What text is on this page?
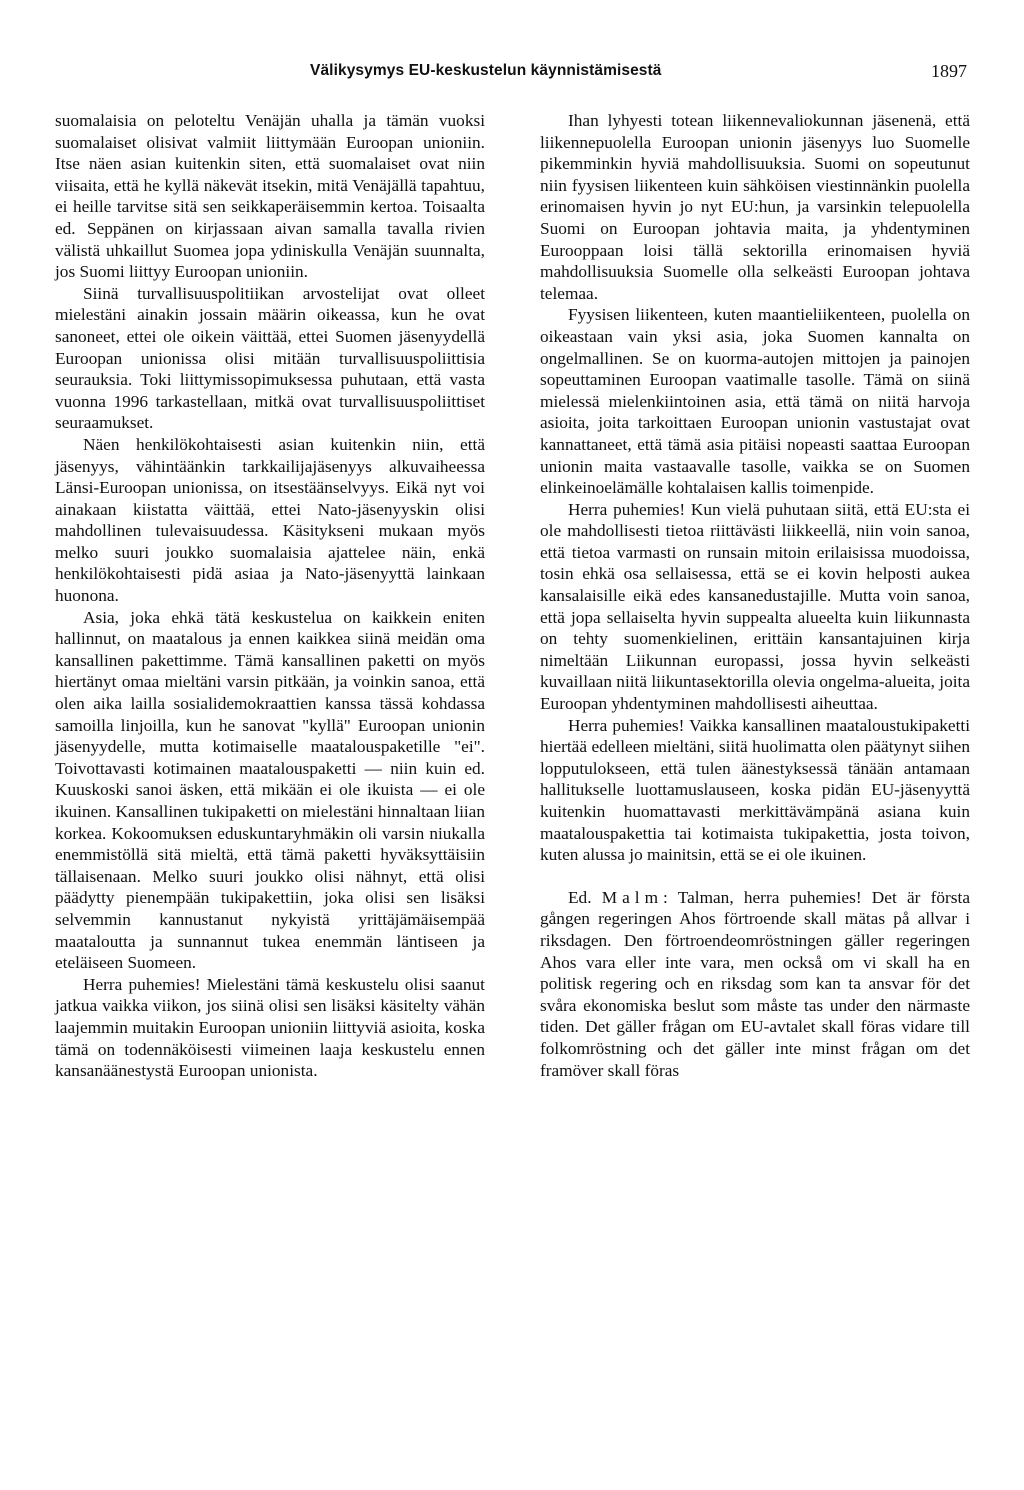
Välikysymys EU-keskustelun käynnistämisestä	1897

suomalaisia on peloteltu Venäjän uhalla ja tämän vuoksi suomalaiset olisivat valmiit liittymään Euroopan unioniin. Itse näen asian kuitenkin siten, että suomalaiset ovat niin viisaita, että he kyllä näkevät itsekin, mitä Venäjällä tapahtuu, ei heille tarvitse sitä sen seikkaperäisemmin kertoa. Toisaalta ed. Seppänen on kirjassaan aivan samalla tavalla rivien välistä uhkaillut Suomea jopa ydiniskulla Venäjän suunnalta, jos Suomi liittyy Euroopan unioniin.

Siinä turvallisuuspolitiikan arvostelijat ovat olleet mielestäni ainakin jossain määrin oikeassa, kun he ovat sanoneet, ettei ole oikein väittää, ettei Suomen jäsenyydellä Euroopan unionissa olisi mitään turvallisuuspoliittisia seurauksia. Toki liittymissopimuksessa puhutaan, että vasta vuonna 1996 tarkastellaan, mitkä ovat turvallisuuspoliittiset seuraamukset.

Näen henkilökohtaisesti asian kuitenkin niin, että jäsenyys, vähintäänkin tarkkailijajäsenyys alkuvaiheessa Länsi-Euroopan unionissa, on itsestäänselvyys. Eikä nyt voi ainakaan kiistatta väittää, ettei Nato-jäsenyyskin olisi mahdollinen tulevaisuudessa. Käsitykseni mukaan myös melko suuri joukko suomalaisia ajattelee näin, enkä henkilökohtaisesti pidä asiaa ja Nato-jäsenyyttä lainkaan huonona.

Asia, joka ehkä tätä keskustelua on kaikkein eniten hallinnut, on maatalous ja ennen kaikkea siinä meidän oma kansallinen pakettimme. Tämä kansallinen paketti on myös hiertänyt omaa mieltäni varsin pitkään, ja voinkin sanoa, että olen aika lailla sosialidemokraattien kanssa tässä kohdassa samoilla linjoilla, kun he sanovat "kyllä" Euroopan unionin jäsenyydelle, mutta kotimaiselle maatalouspaketille "ei". Toivottavasti kotimainen maatalouspaketti — niin kuin ed. Kuuskoski sanoi äsken, että mikään ei ole ikuista — ei ole ikuinen. Kansallinen tukipaketti on mielestäni hinnaltaan liian korkea. Kokoomuksen eduskuntaryhmäkin oli varsin niukalla enemmistöllä sitä mieltä, että tämä paketti hyväksyttäisiin tällaisenaan. Melko suuri joukko olisi nähnyt, että olisi päädytty pienempään tukipakettiin, joka olisi sen lisäksi selvemmin kannustanut nykyistä yrittäjämäisempää maataloutta ja sunnannut tukea enemmän läntiseen ja eteläiseen Suomeen.

Herra puhemies! Mielestäni tämä keskustelu olisi saanut jatkua vaikka viikon, jos siinä olisi sen lisäksi käsitelty vähän laajemmin muitakin Euroopan unioniin liittyviä asioita, koska tämä on todennäköisesti viimeinen laaja keskustelu ennen kansanäänestystä Euroopan unionista.

Ihan lyhyesti totean liikennevaliokunnan jäsenenä, että liikennepuolella Euroopan unionin jäsenyys luo Suomelle pikemminkin hyviä mahdollisuuksia. Suomi on sopeutunut niin fyysisen liikenteen kuin sähköisen viestinnänkin puolella erinomaisen hyvin jo nyt EU:hun, ja varsinkin telepuolella Suomi on Euroopan johtavia maita, ja yhdentyminen Eurooppaan loisi tällä sektorilla erinomaisen hyviä mahdollisuuksia Suomelle olla selkeästi Euroopan johtava telemaa.

Fyysisen liikenteen, kuten maantieliikenteen, puolella on oikeastaan vain yksi asia, joka Suomen kannalta on ongelmallinen. Se on kuorma-autojen mittojen ja painojen sopeuttaminen Euroopan vaatimalle tasolle. Tämä on siinä mielessä mielenkiintoinen asia, että tämä on niitä harvoja asioita, joita tarkoittaen Euroopan unionin vastustajat ovat kannattaneet, että tämä asia pitäisi nopeasti saattaa Euroopan unionin maita vastaavalle tasolle, vaikka se on Suomen elinkeinoelämälle kohtalaisen kallis toimenpide.

Herra puhemies! Kun vielä puhutaan siitä, että EU:sta ei ole mahdollisesti tietoa riittävästi liikkeellä, niin voin sanoa, että tietoa varmasti on runsain mitoin erilaisissa muodoissa, tosin ehkä osa sellaisessa, että se ei kovin helposti aukea kansalaisille eikä edes kansanedustajille. Mutta voin sanoa, että jopa sellaiselta hyvin suppealta alueelta kuin liikunnasta on tehty suomenkielinen, erittäin kansantajuinen kirja nimeltään Liikunnan europassi, jossa hyvin selkeästi kuvaillaan niitä liikuntasektorilla olevia ongelma-alueita, joita Euroopan yhdentyminen mahdollisesti aiheuttaa.

Herra puhemies! Vaikka kansallinen maataloustukipaketti hiertää edelleen mieltäni, siitä huolimatta olen päätynyt siihen lopputulokseen, että tulen äänestyksessä tänään antamaan hallitukselle luottamuslauseen, koska pidän EU-jäsenyyttä kuitenkin huomattavasti merkittävämpänä asiana kuin maatalouspakettia tai kotimaista tukipakettia, josta toivon, kuten alussa jo mainitsin, että se ei ole ikuinen.

Ed. Malm: Talman, herra puhemies! Det är första gången regeringen Ahos förtroende skall mätas på allvar i riksdagen. Den förtroendeomröstningen gäller regeringen Ahos vara eller inte vara, men också om vi skall ha en politisk regering och en riksdag som kan ta ansvar för det svåra ekonomiska beslut som måste tas under den närmaste tiden. Det gäller frågan om EU-avtalet skall föras vidare till folkomröstning och det gäller inte minst frågan om det framöver skall föras
